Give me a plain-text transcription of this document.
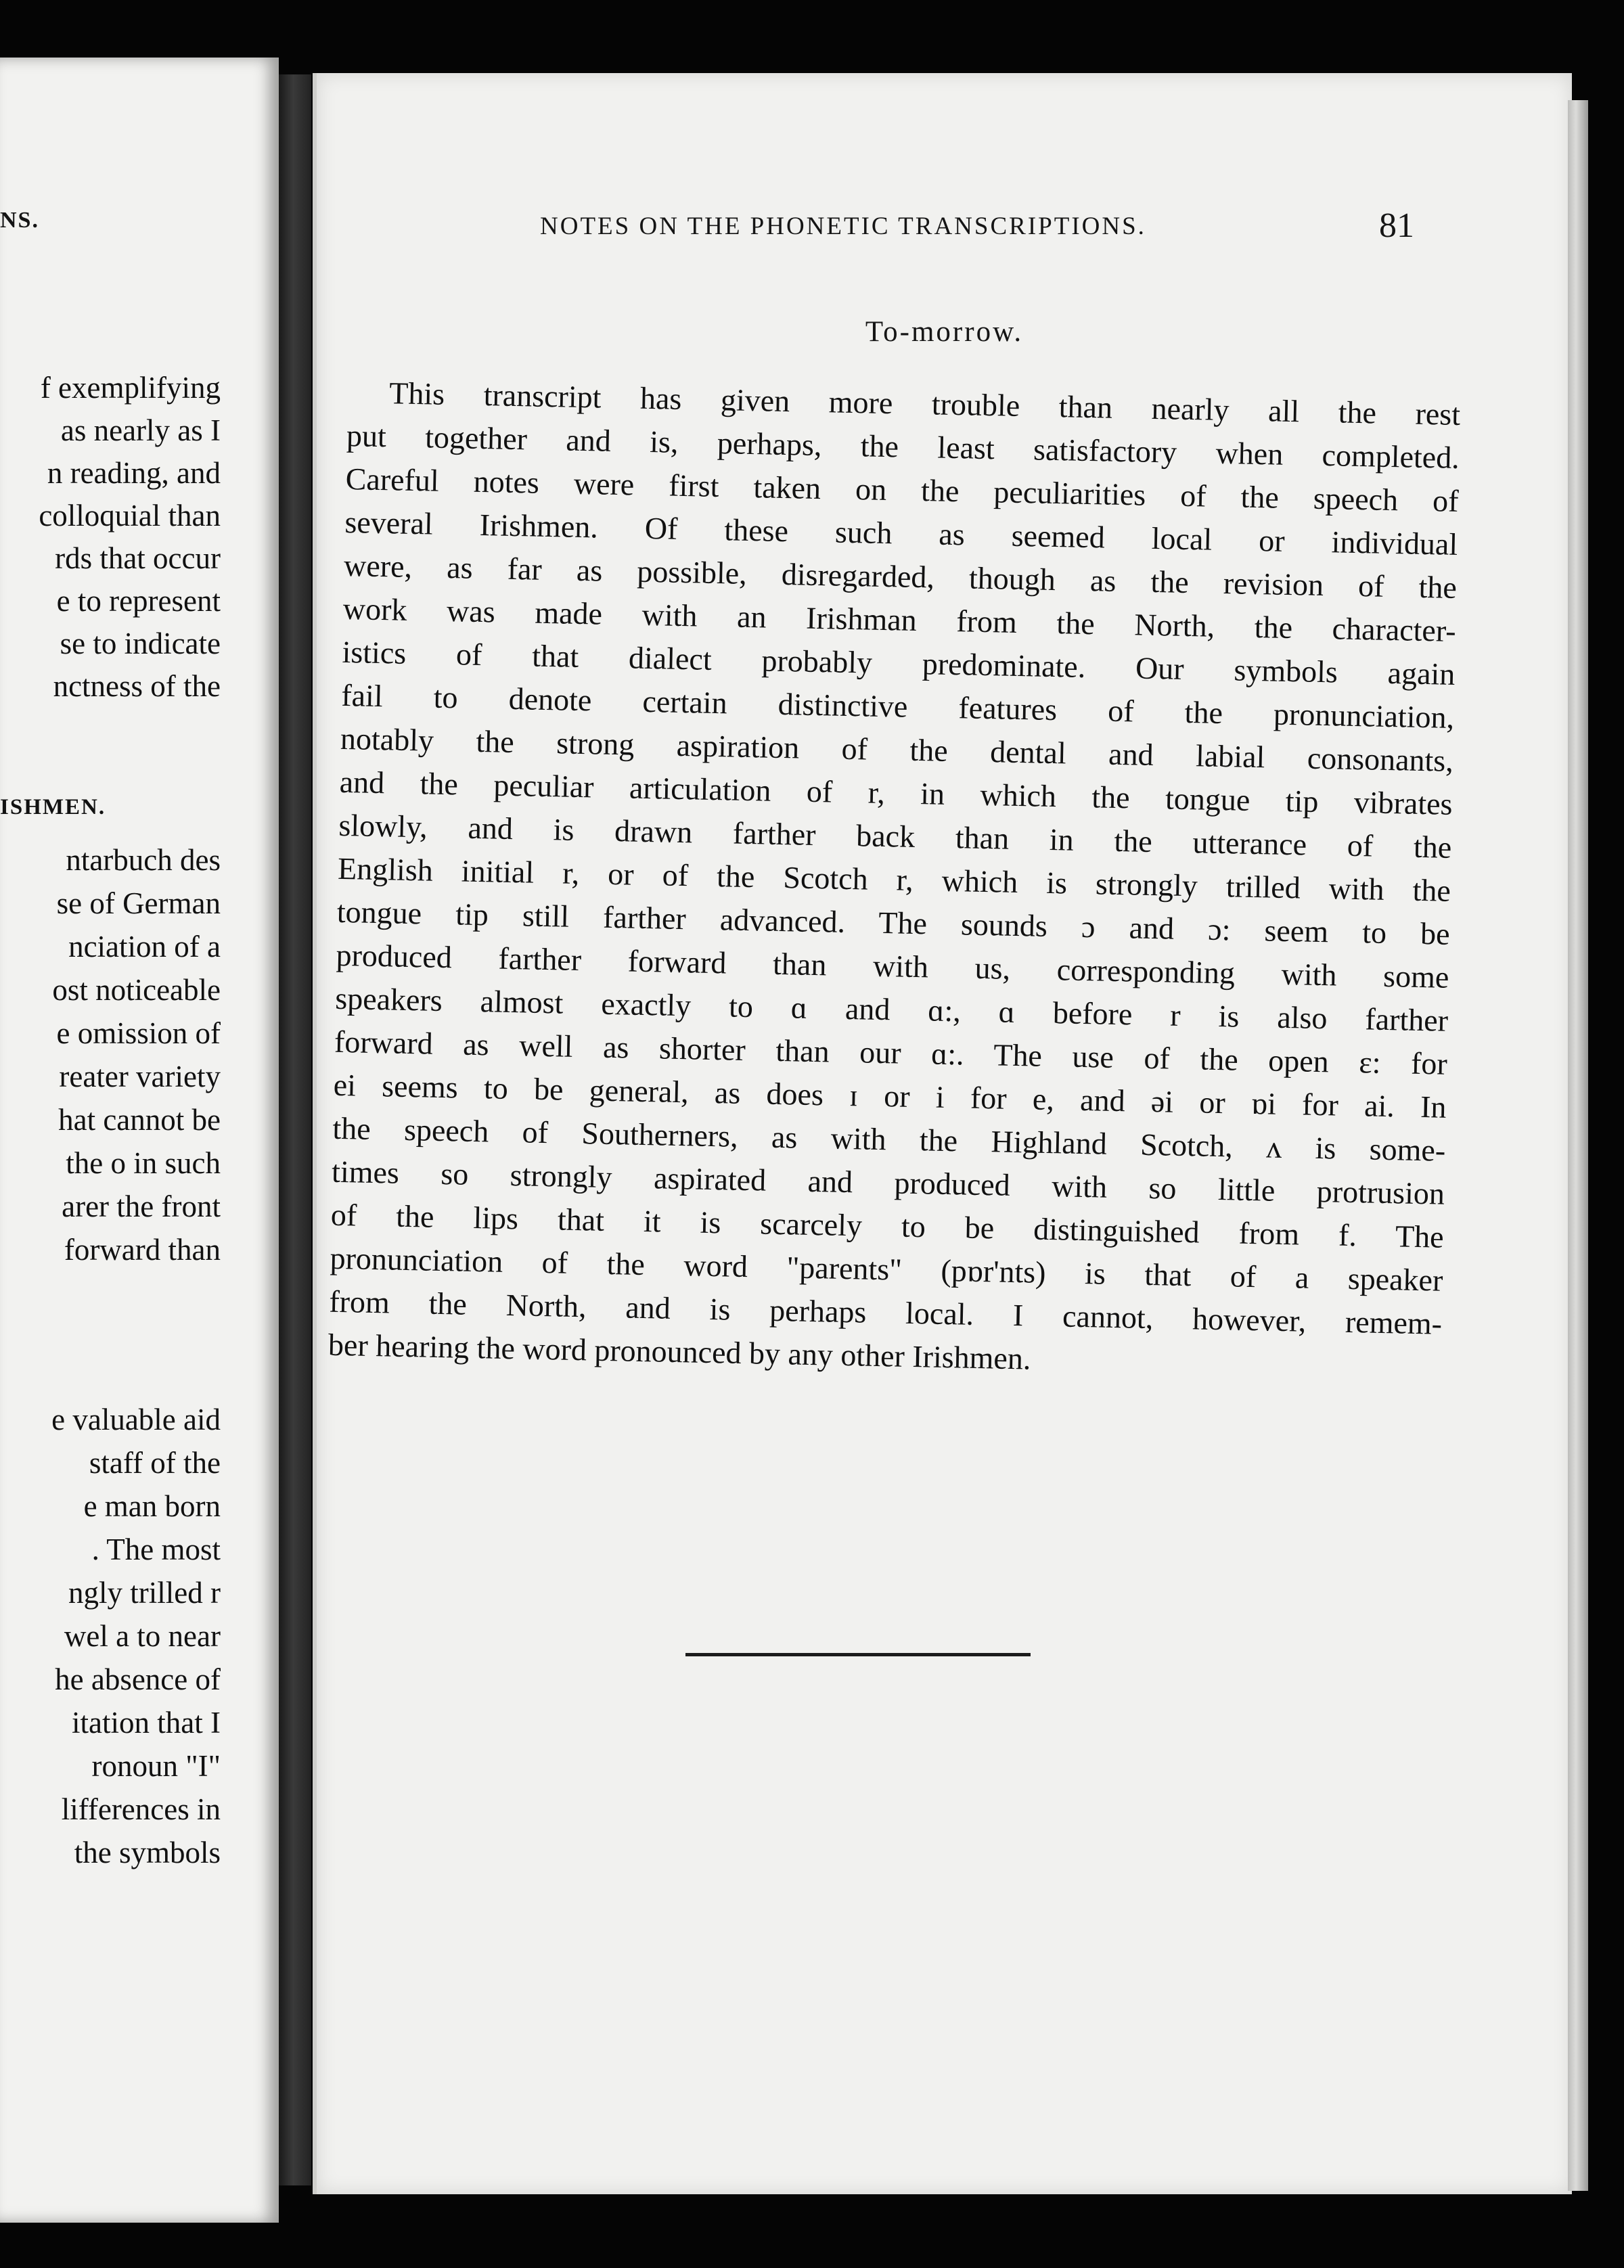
NS.
f exemplifying
as nearly as I
n reading, and
colloquial than
rds that occur
e to represent
se to indicate
nctness of the
ISHMEN.
ntarbuch des
se of German
nciation of a
ost noticeable
e omission of
reater variety
hat cannot be
the o in such
arer the front
forward than
e valuable aid
staff of the
e man born
. The most
ngly trilled r
wel a to near
he absence of
itation that I
ronoun "I"
lifferences in
the symbols
NOTES ON THE PHONETIC TRANSCRIPTIONS.	81
To-morrow.
This transcript has given more trouble than nearly all the rest
put together and is, perhaps, the least satisfactory when completed.
Careful notes were first taken on the peculiarities of the speech of
several Irishmen. Of these such as seemed local or individual
were, as far as possible, disregarded, though as the revision of the
work was made with an Irishman from the North, the character-
istics of that dialect probably predominate. Our symbols again
fail to denote certain distinctive features of the pronunciation,
notably the strong aspiration of the dental and labial consonants,
and the peculiar articulation of r, in which the tongue tip vibrates
slowly, and is drawn farther back than in the utterance of the
English initial r, or of the Scotch r, which is strongly trilled with the
tongue tip still farther advanced. The sounds ɔ and ɔ: seem to be
produced farther forward than with us, corresponding with some
speakers almost exactly to ɑ and ɑ:, ɑ before r is also farther
forward as well as shorter than our ɑ:. The use of the open ɛ: for
ei seems to be general, as does ɪ or i for e, and əi or ɒi for ai. In
the speech of Southerners, as with the Highland Scotch, ʌ is some-
times so strongly aspirated and produced with so little protrusion
of the lips that it is scarcely to be distinguished from f. The
pronunciation of the word "parents" (pɒr'nts) is that of a speaker
from the North, and is perhaps local. I cannot, however, remem-
ber hearing the word pronounced by any other Irishmen.
